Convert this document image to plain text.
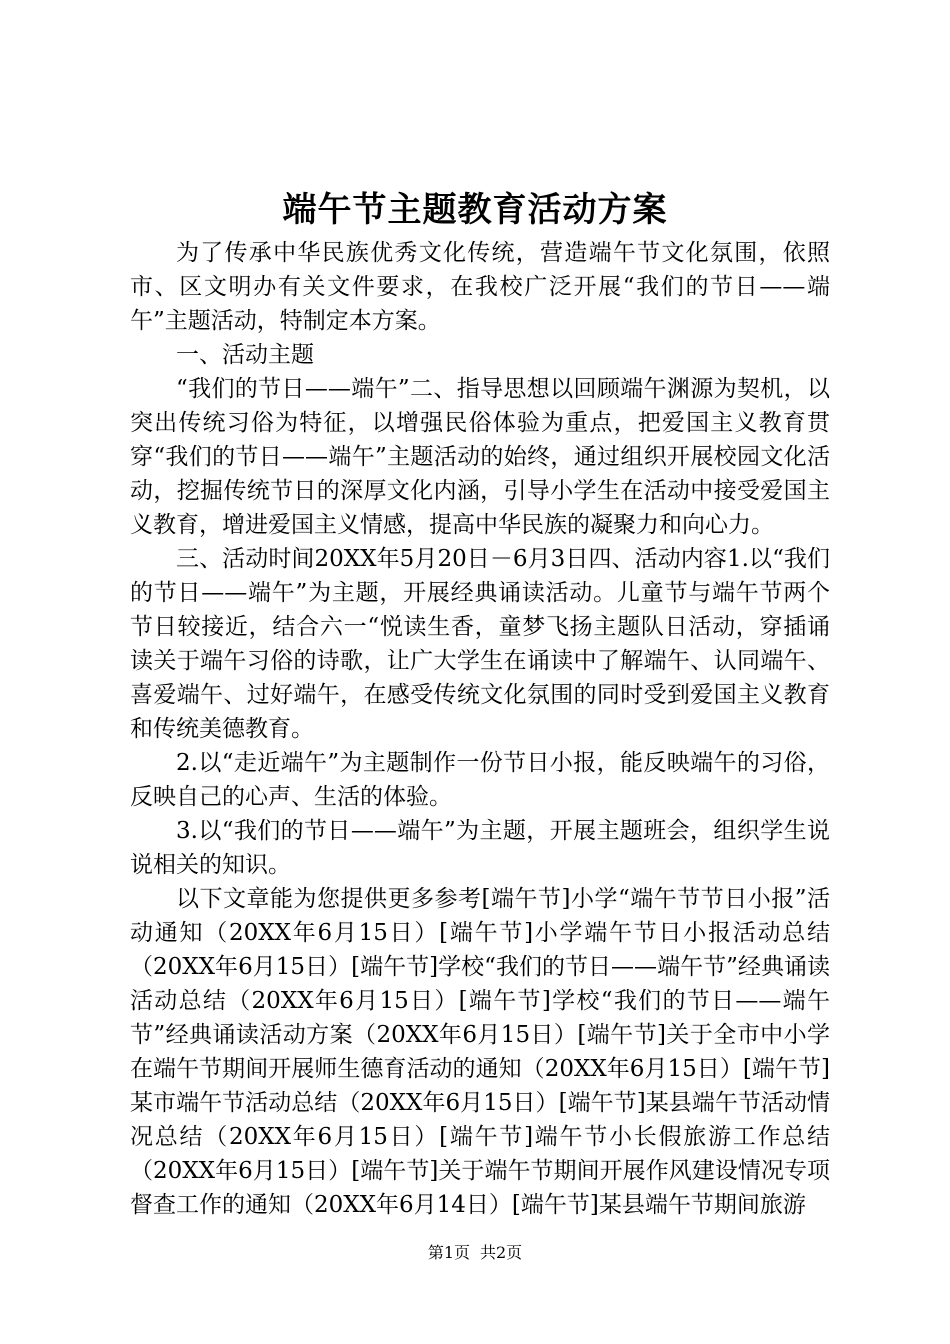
端午节主题教育活动方案

为了传承中华民族优秀文化传统，营造端午节文化氛围，依照市、区文明办有关文件要求，在我校广泛开展“我们的节日——端午”主题活动，特制定本方案。

一、活动主题

“我们的节日——端午”二、指导思想以回顾端午渊源为契机，以突出传统习俗为特征，以增强民俗体验为重点，把爱国主义教育贯穿“我们的节日——端午”主题活动的始终，通过组织开展校园文化活动，挖掘传统节日的深厚文化内涵，引导小学生在活动中接受爱国主义教育，增进爱国主义情感，提高中华民族的凝聚力和向心力。

三、活动时间20XX年5月20日－6月3日四、活动内容1.以“我们的节日——端午”为主题，开展经典诵读活动。儿童节与端午节两个节日较接近，结合六一“悦读生香，童梦飞扬主题队日活动，穿插诵读关于端午习俗的诗歌，让广大学生在诵读中了解端午、认同端午、喜爱端午、过好端午，在感受传统文化氛围的同时受到爱国主义教育和传统美德教育。

2.以“走近端午”为主题制作一份节日小报，能反映端午的习俗，反映自己的心声、生活的体验。

3.以“我们的节日——端午”为主题，开展主题班会，组织学生说说相关的知识。

以下文章能为您提供更多参考[端午节]小学“端午节节日小报”活动通知（20XX年6月15日）[端午节]小学端午节日小报活动总结（20XX年6月15日）[端午节]学校“我们的节日——端午节”经典诵读活动总结（20XX年6月15日）[端午节]学校“我们的节日——端午节”经典诵读活动方案（20XX年6月15日）[端午节]关于全市中小学在端午节期间开展师生德育活动的通知（20XX年6月15日）[端午节]某市端午节活动总结（20XX年6月15日）[端午节]某县端午节活动情况总结（20XX年6月15日）[端午节]端午节小长假旅游工作总结（20XX年6月15日）[端午节]关于端午节期间开展作风建设情况专项督查工作的通知（20XX年6月14日）[端午节]某县端午节期间旅游

第1页 共2页
